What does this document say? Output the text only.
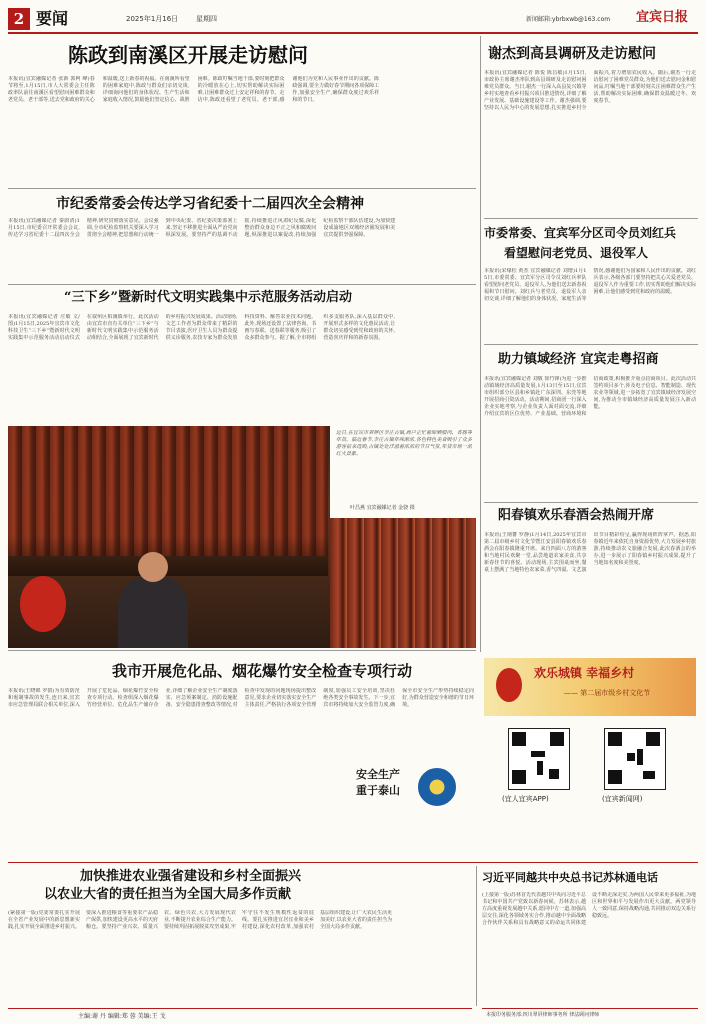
2 要闻	2025年1月16日	星期四	新闻邮箱:ybrbxwb@163.com 宜宾日报
陈政到南溪区开展走访慰问
本报讯(宜宾融媒记者 张新 郭柯 峰)春节将至,1月15日,市人大常委会主任陈政率队前往南溪区看望慰问困难群众和老党员、老干部等,送去党和政府的关心和温暖,送上新春的祝福。在南溪所看望的困难家庭中,陈政与群众们亲切交谈,详细询问他们的身体状况、生产生活和家庭收入情况,鼓励他们坚定信心、战胜困难。陈政叮嘱当地干部,要时刻把群众的冷暖放在心上,切实帮助解决实际困难,让困难群众过上安定祥和的春节。走访中,陈政还看望了老党员、老干部,感谢他们为党和人民事业作出的贡献。陈政强调,要全力做好春节期间各项保障工作,加强安全生产,确保群众度过欢乐祥和的节日。
市纪委常委会传达学习省纪委十二届四次全会精神
本报讯(宜宾融媒记者 秦蔚清)1月15日,市纪委召开常委会会议,传达学习省纪委十二届四次全会精神,研究贯彻落实意见。会议强调,全市纪检监察机关要深入学习贯彻全会精神,把思想和行动统一到中央纪委、省纪委决策部署上来,坚定不移推进全面从严治党向纵深发展。要坚持严的基调不动摇,持续推进正风肃纪反腐,深化整治群众身边不正之风和腐败问题,纵深推进以案促改,持续加强纪检监察干部队伍建设,为加快建设成渝地区双城经济圈发展和美宜宾提供坚强保障。
“三下乡”暨新时代文明实践集中示范服务活动启动
本报讯(宜宾融媒记者 庄敏 文/图)1月15日,2025年宜宾市文化科技卫生“三下乡”暨新时代文明实践集中示范服务活动启动仪式在叙州区柏溪镇举行。此次活动由宜宾市直有关单位“三下乡”与新时代文明实践集中示范服务活动相结合,全面展现了宜宾新时代的乡村振兴发展成果。活动现场,文艺工作者为群众带来了精彩的节目表演,医疗卫生人员为群众提供义诊服务,农技专家为群众发放科技资料、解答农业技术问题。此外,现场还设置了法律咨询、书画写春联、送春联等服务,吸引了众多群众参与。据了解,全市将组织多支服务队,深入基层群众中,开展形式多样的文化惠民活动,让群众切实感受到党和政府的关怀,营造喜庆祥和的新春氛围。
近日,在宜宾市翠屏区李庄古镇,商户正忙着晾晒腊肉、香肠等年货。临近春节,李庄古镇年味渐浓,各色特色美食吸引了众多游客前来选购,古镇处处洋溢着浓浓的节日气氛,年货市场一派红火景象。
叶昌燕 宜宾融媒记者 金骁 摄
我市开展危化品、烟花爆竹安全检查专项行动
本报讯(王晓锦 罗罄)为有效防范和遏制事故的发生,连日来,宜宾市应急管理局联合相关单位,深入开展了危化品、烟花爆竹安全检查专项行动。检查组深入烟花爆竹经营单位、危化品生产储存企业,详细了解企业安全生产制度落实、应急预案制定、消防设施配备、安全隐患排查整改等情况,对检查中发现的问题现场提出整改意见,要求企业切实落实安全生产主体责任,严格执行各项安全管理制度,加强员工安全培训,坚决杜绝各类安全事故发生。下一步,宜宾市将持续加大安全监管力度,确保全市安全生产形势持续稳定向好,为群众营造安全和谐的节日环境。
安全生产
重于泰山
(宜人宜宾APP)	(宜宾新闻网)
谢杰到高县调研及走访慰问
本报讯(宜宾融媒记者 陈悦 陈昌敏)1月15日,市政协主席谢杰率队到高县调研及走访慰问困难党员群众。当日,谢杰一行深入高县复兴镇等乡村实地查看乡村振兴项目推进情况,详细了解产业发展、基础设施建设等工作。谢杰强调,要坚持以人民为中心的发展思想,扎实推进乡村全面振兴,着力增加农民收入。随后,谢杰一行走访慰问了困难党员群众,为他们送去慰问金和慰问品,叮嘱当地干部要时刻关注困难群众生产生活,帮助解决实际困难,确保群众温暖过冬、欢度春节。
市委常委、宜宾军分区司令员刘红兵
看望慰问老党员、退役军人
本报讯(宋缘松 黄杰 宜宾融媒记者 刘增)1月15日,市委常委、宜宾军分区司令员刘红兵率队看望慰问老党员、退役军人,为他们送去新春祝福和节日慰问。刘红兵与老党员、退役军人亲切交谈,详细了解他们的身体状况、家庭生活等情况,感谢他们为国家和人民作出的贡献。刘红兵表示,各级各部门要坚持把关心关爱老党员、退役军人作为重要工作,切实帮助他们解决实际困难,让他们感受到党和政府的温暖。
助力镇域经济 宜宾走粤招商
本报讯(宜宾融媒记者 刘敬 徐竹锋)为进一步推动镇域经济高质量发展,1月13日至15日,宜宾市组织部分区县和乡镇赴广东深圳、东莞等地开展招商引资活动。活动期间,招商团一行深入企业实地考察,与企业负责人面对面交流,详细介绍宜宾的区位优势、产业基础、营商环境和招商政策,积极推介重点招商项目。此次活动共签约项目多个,涉及电子信息、智能制造、现代农业等领域,进一步拓宽了宜宾镇域经济发展空间,为推动全市镇域经济高质量发展注入新动能。
阳春镇欢乐春酒会热闹开席
本报讯(王钢蕃 罗静)1月14日,2025年宜宾市第二届市级乡村文化节暨江安县阳春镇欢乐春酒会在阳春镇隆重开席。来自四面八方的游客和当地村民欢聚一堂,品尝地道农家美食,共享新春佳节的喜悦。活动现场,主宾围桌而坐,餐桌上摆满了当地特色农家菜,香气四溢。文艺演出节目精彩纷呈,赢得现场阵阵掌声。据悉,阳春镇近年来依托自身资源优势,大力发展乡村旅游,持续推动农文旅融合发展,此次春酒会的举办,进一步展示了阳春镇乡村振兴成果,提升了当地知名度和美誉度。
欢乐城镇 幸福乡村
—— 第二届市级乡村文化节
加快推进农业强省建设和乡村全面振兴
以农业大省的责任担当为全国大局多作贡献
(紧接第一版)党委常委扎实开展在全省产业发展中的新思想新实践,扎实开展全面推进乡村振兴。要深入推进粮食等重要农产品稳产保供,加快建设更高水平的天府粮仓。要坚持产业兴农、质量兴农、绿色兴农,大力发展现代农业,不断提升农业综合生产能力。要持续巩固拓展脱贫攻坚成果,牢牢守住不发生规模性返贫的底线。要扎实推进宜居宜业和美乡村建设,深化农村改革,加强农村基层组织建设,让广大农民生活更加美好,以农业大省的责任担当为全国大局多作贡献。
习近平同越共中央总书记苏林通电话
(上接第一版)苏林首先代表越共中央向习近平总书记和中国共产党致以新春问候。苏林表示,越方高度重视发展越中关系,愿同中方一道,加强高层交往,深化各领域务实合作,推动越中全面战略合作伙伴关系和具有战略意义的命运共同体建设不断走深走实,为两国人民带来更多福祉,为地区和世界和平与发展作出更大贡献。两党领导人一致同意,保持战略沟通,共同推动双边关系行稳致远。
主编:谢 丹 编辑:郑 蓉 美编:王 戈	本报印务服务部:四川翠屏律师事务所 律法顾问律师
